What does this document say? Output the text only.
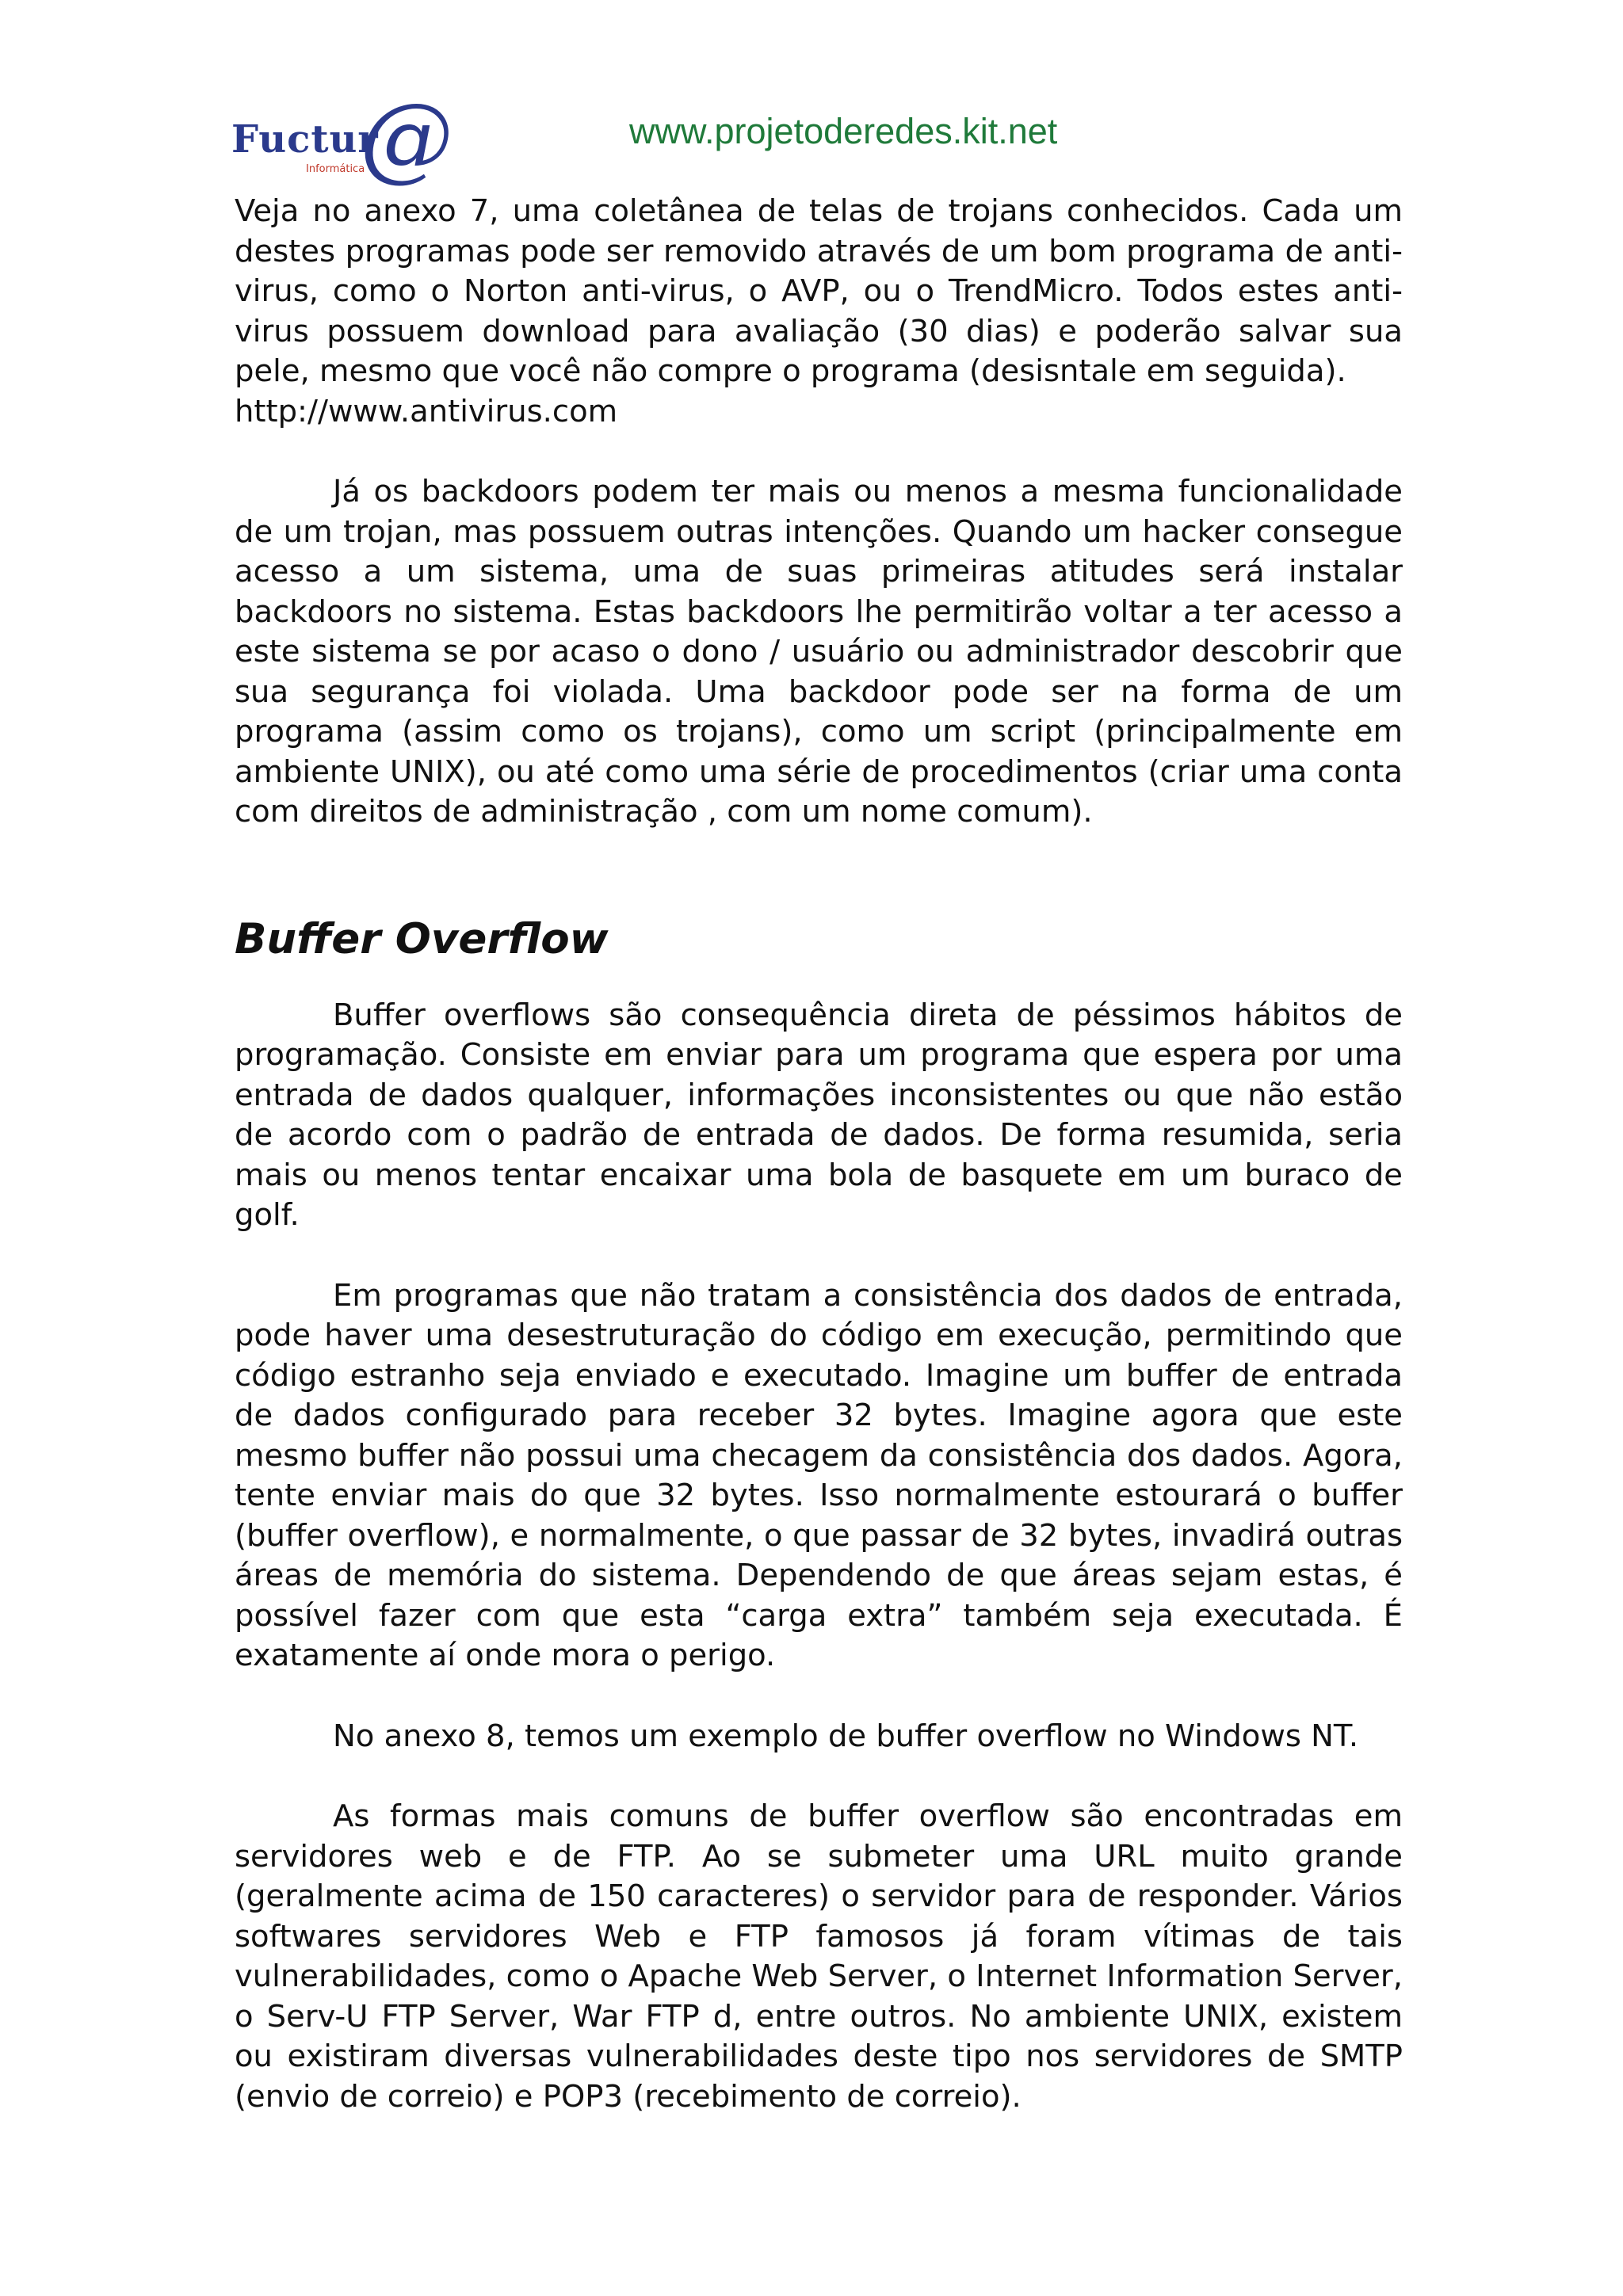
Fuctur
@
Informática
www.projetoderedes.kit.net

Veja no anexo 7, uma coletânea de telas de trojans conhecidos. Cada um destes programas pode ser removido através de um bom programa de anti-virus, como o Norton anti-virus, o AVP, ou o TrendMicro. Todos estes anti-virus possuem download para avaliação (30 dias) e poderão salvar sua pele, mesmo que você não compre o programa (desisntale em seguida).

http://www.antivirus.com

Já os backdoors podem ter mais ou menos a mesma funcionalidade de um trojan, mas possuem outras intenções. Quando um hacker consegue acesso a um sistema, uma de suas primeiras atitudes será instalar backdoors no sistema. Estas backdoors lhe permitirão voltar a ter acesso a este sistema se por acaso o dono / usuário ou administrador descobrir que sua segurança foi violada. Uma backdoor pode ser na forma de um programa (assim como os trojans), como um script (principalmente em ambiente UNIX), ou até como uma série de procedimentos (criar uma conta com direitos de administração , com um nome comum).

Buffer Overflow

Buffer overflows são consequência direta de péssimos hábitos de programação. Consiste em enviar para um programa que espera por uma entrada de dados qualquer, informações inconsistentes ou que não estão de acordo com o padrão de entrada de dados. De forma resumida, seria mais ou menos tentar encaixar uma bola de basquete em um buraco de golf.

Em programas que não tratam a consistência dos dados de entrada, pode haver uma desestruturação do código em execução, permitindo que código estranho seja enviado e executado. Imagine um buffer de entrada de dados configurado para receber 32 bytes. Imagine agora que este mesmo buffer não possui uma checagem da consistência dos dados. Agora, tente enviar mais do que 32 bytes. Isso normalmente estourará o buffer (buffer overflow), e normalmente, o que passar de 32 bytes, invadirá outras áreas de memória do sistema. Dependendo de que áreas sejam estas, é possível fazer com que esta “carga extra” também seja executada. É exatamente aí onde mora o perigo.

No anexo 8, temos um exemplo de buffer overflow no Windows NT.

As formas mais comuns de buffer overflow são encontradas em servidores web e de FTP. Ao se submeter uma URL muito grande (geralmente acima de 150 caracteres) o servidor para de responder. Vários softwares servidores Web e FTP famosos já foram vítimas de tais vulnerabilidades, como o Apache Web Server, o Internet Information Server, o Serv-U FTP Server, War FTP d, entre outros. No ambiente UNIX, existem ou existiram diversas vulnerabilidades deste tipo nos servidores de SMTP (envio de correio) e POP3 (recebimento de correio).
